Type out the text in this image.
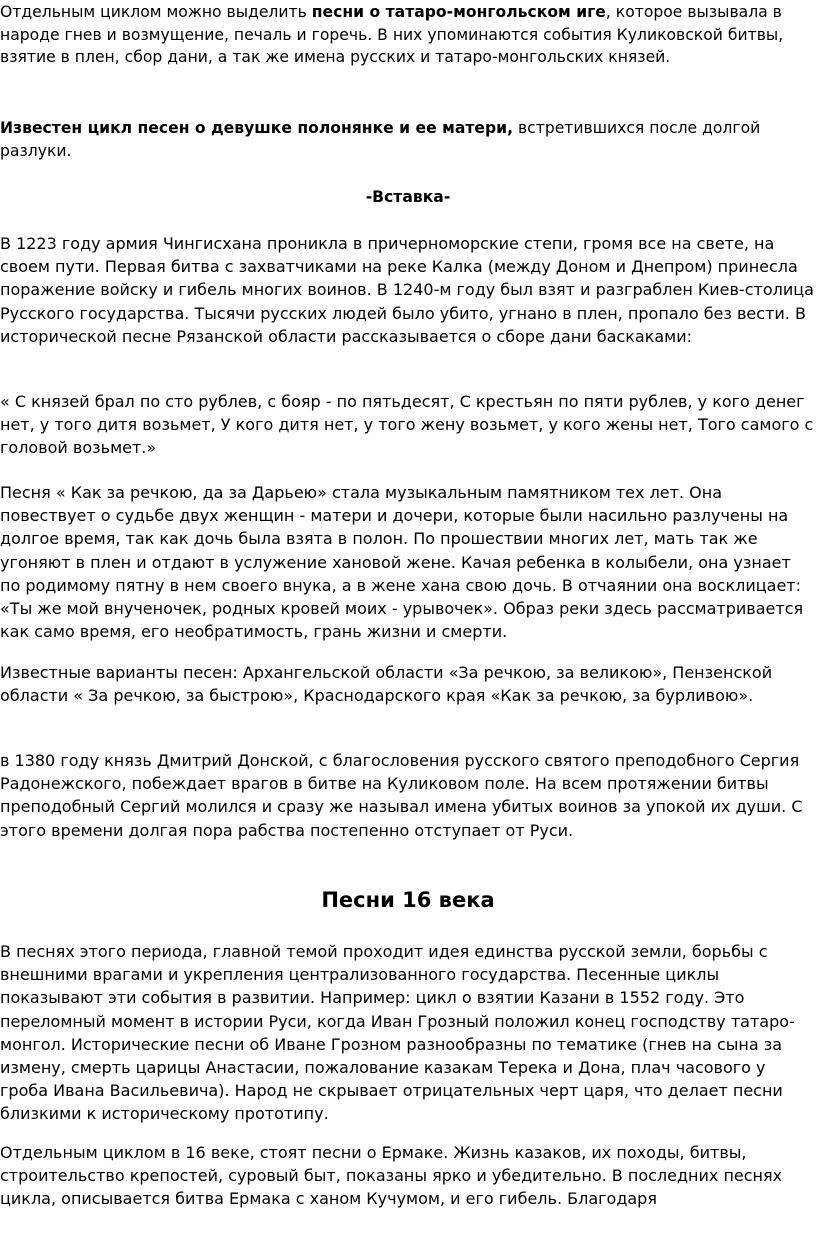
Отдельным циклом можно выделить песни о татаро-монгольском иге, которое вызывала в народе гнев и возмущение, печаль и горечь. В них упоминаются события Куликовской битвы, взятие в плен, сбор дани, а так же имена русских и татаро-монгольских князей.

Известен цикл песен о девушке полонянке и ее матери, встретившихся после долгой разлуки.

-Вставка-

В 1223 году армия Чингисхана проникла в причерноморские степи, громя все на свете, на своем пути. Первая битва с захватчиками на реке Калка (между Доном и Днепром) принесла поражение войску и гибель многих воинов. В 1240-м году был взят и разграблен Киев-столица Русского государства. Тысячи русских людей было убито, угнано в плен, пропало без вести. В исторической песне Рязанской области рассказывается о сборе дани баскаками:

« С князей брал по сто рублев, с бояр - по пятьдесят, С крестьян по пяти рублев, у кого денег нет, у того дитя возьмет, У кого дитя нет, у того жену возьмет, у кого жены нет, Того самого с головой возьмет.»

Песня « Как за речкою, да за Дарьею» стала музыкальным памятником тех лет. Она повествует о судьбе двух женщин - матери и дочери, которые были насильно разлучены на долгое время, так как дочь была взята в полон. По прошествии многих лет, мать так же угоняют в плен и отдают в услужение хановой жене. Качая ребенка в колыбели, она узнает по родимому пятну в нем своего внука, а в жене хана свою дочь. В отчаянии она восклицает: «Ты же мой внученочек, родных кровей моих - урывочек». Образ реки здесь рассматривается как само время, его необратимость, грань жизни и смерти.

Известные варианты песен: Архангельской области «За речкою, за великою», Пензенской области « За речкою, за быстрою», Краснодарского края «Как за речкою, за бурливою».

в 1380 году князь Дмитрий Донской, с благословения русского святого преподобного Сергия Радонежского, побеждает врагов в битве на Куликовом поле. На всем протяжении битвы преподобный Сергий молился и сразу же называл имена убитых воинов за упокой их души. С этого времени долгая пора рабства постепенно отступает от Руси.

Песни 16 века

В песнях этого периода, главной темой проходит идея единства русской земли, борьбы с внешними врагами и укрепления централизованного государства. Песенные циклы показывают эти события в развитии. Например: цикл о взятии Казани в 1552 году. Это переломный момент в истории Руси, когда Иван Грозный положил конец господству татаро-монгол. Исторические песни об Иване Грозном разнообразны по тематике (гнев на сына за измену, смерть царицы Анастасии, пожалование казакам Терека и Дона, плач часового у гроба Ивана Васильевича). Народ не скрывает отрицательных черт царя, что делает песни близкими к историческому прототипу.

Отдельным циклом в 16 веке, стоят песни о Ермаке. Жизнь казаков, их походы, битвы, строительство крепостей, суровый быт, показаны ярко и убедительно. В последних песнях цикла, описывается битва Ермака с ханом Кучумом, и его гибель. Благодаря
